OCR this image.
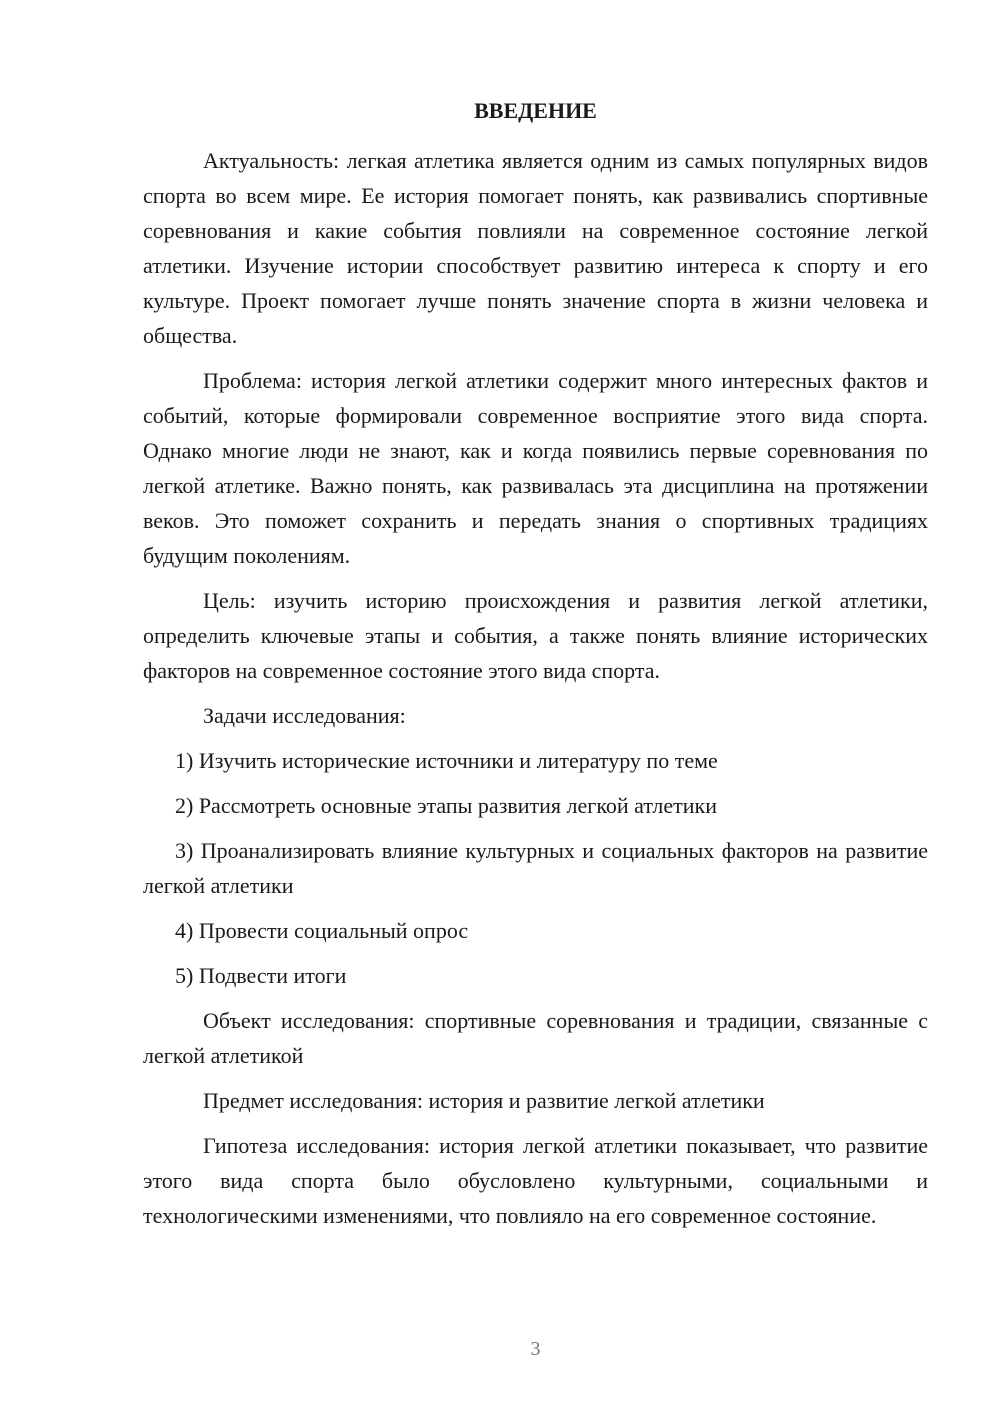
ВВЕДЕНИЕ

Актуальность: легкая атлетика является одним из самых популярных видов спорта во всем мире. Ее история помогает понять, как развивались спортивные соревнования и какие события повлияли на современное состояние легкой атлетики. Изучение истории способствует развитию интереса к спорту и его культуре. Проект помогает лучше понять значение спорта в жизни человека и общества.

Проблема: история легкой атлетики содержит много интересных фактов и событий, которые формировали современное восприятие этого вида спорта. Однако многие люди не знают, как и когда появились первые соревнования по легкой атлетике. Важно понять, как развивалась эта дисциплина на протяжении веков. Это поможет сохранить и передать знания о спортивных традициях будущим поколениям.

Цель: изучить историю происхождения и развития легкой атлетики, определить ключевые этапы и события, а также понять влияние исторических факторов на современное состояние этого вида спорта.

Задачи исследования:

1) Изучить исторические источники и литературу по теме

2) Рассмотреть основные этапы развития легкой атлетики

3) Проанализировать влияние культурных и социальных факторов на развитие легкой атлетики

4) Провести социальный опрос

5) Подвести итоги

Объект исследования: спортивные соревнования и традиции, связанные с легкой атлетикой

Предмет исследования: история и развитие легкой атлетики

Гипотеза исследования: история легкой атлетики показывает, что развитие этого вида спорта было обусловлено культурными, социальными и технологическими изменениями, что повлияло на его современное состояние.

3
